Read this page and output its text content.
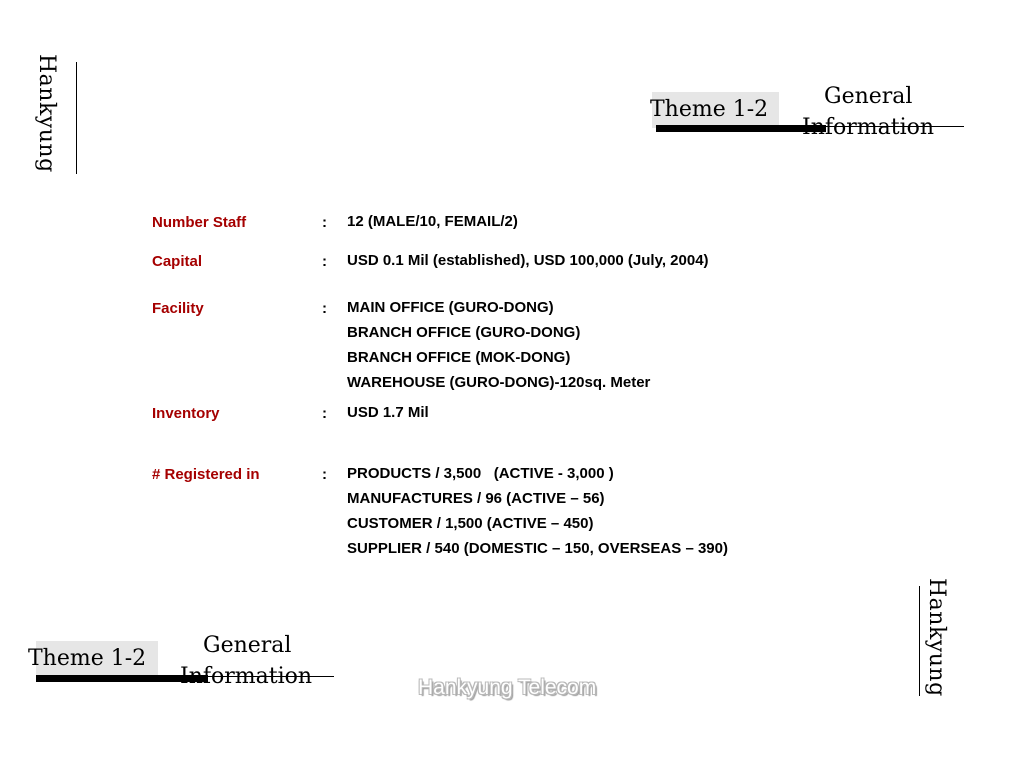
Hankyung	Theme 1-2
General
Information
Number Staff	: 12 (MALE/10, FEMAIL/2)
Capital	: USD 0.1 Mil (established), USD 100,000 (July, 2004)
Facility	: MAIN OFFICE (GURO-DONG)
BRANCH OFFICE (GURO-DONG)
BRANCH OFFICE (MOK-DONG)
WAREHOUSE (GURO-DONG)-120sq. Meter
Inventory	: USD 1.7 Mil
# Registered in	: PRODUCTS / 3,500   (ACTIVE - 3,000 )
MANUFACTURES / 96 (ACTIVE – 56)
CUSTOMER / 1,500 (ACTIVE – 450)
SUPPLIER / 540 (DOMESTIC – 150, OVERSEAS – 390)
Hankyung
Theme 1-2
General
Information	Hankyung Telecom
